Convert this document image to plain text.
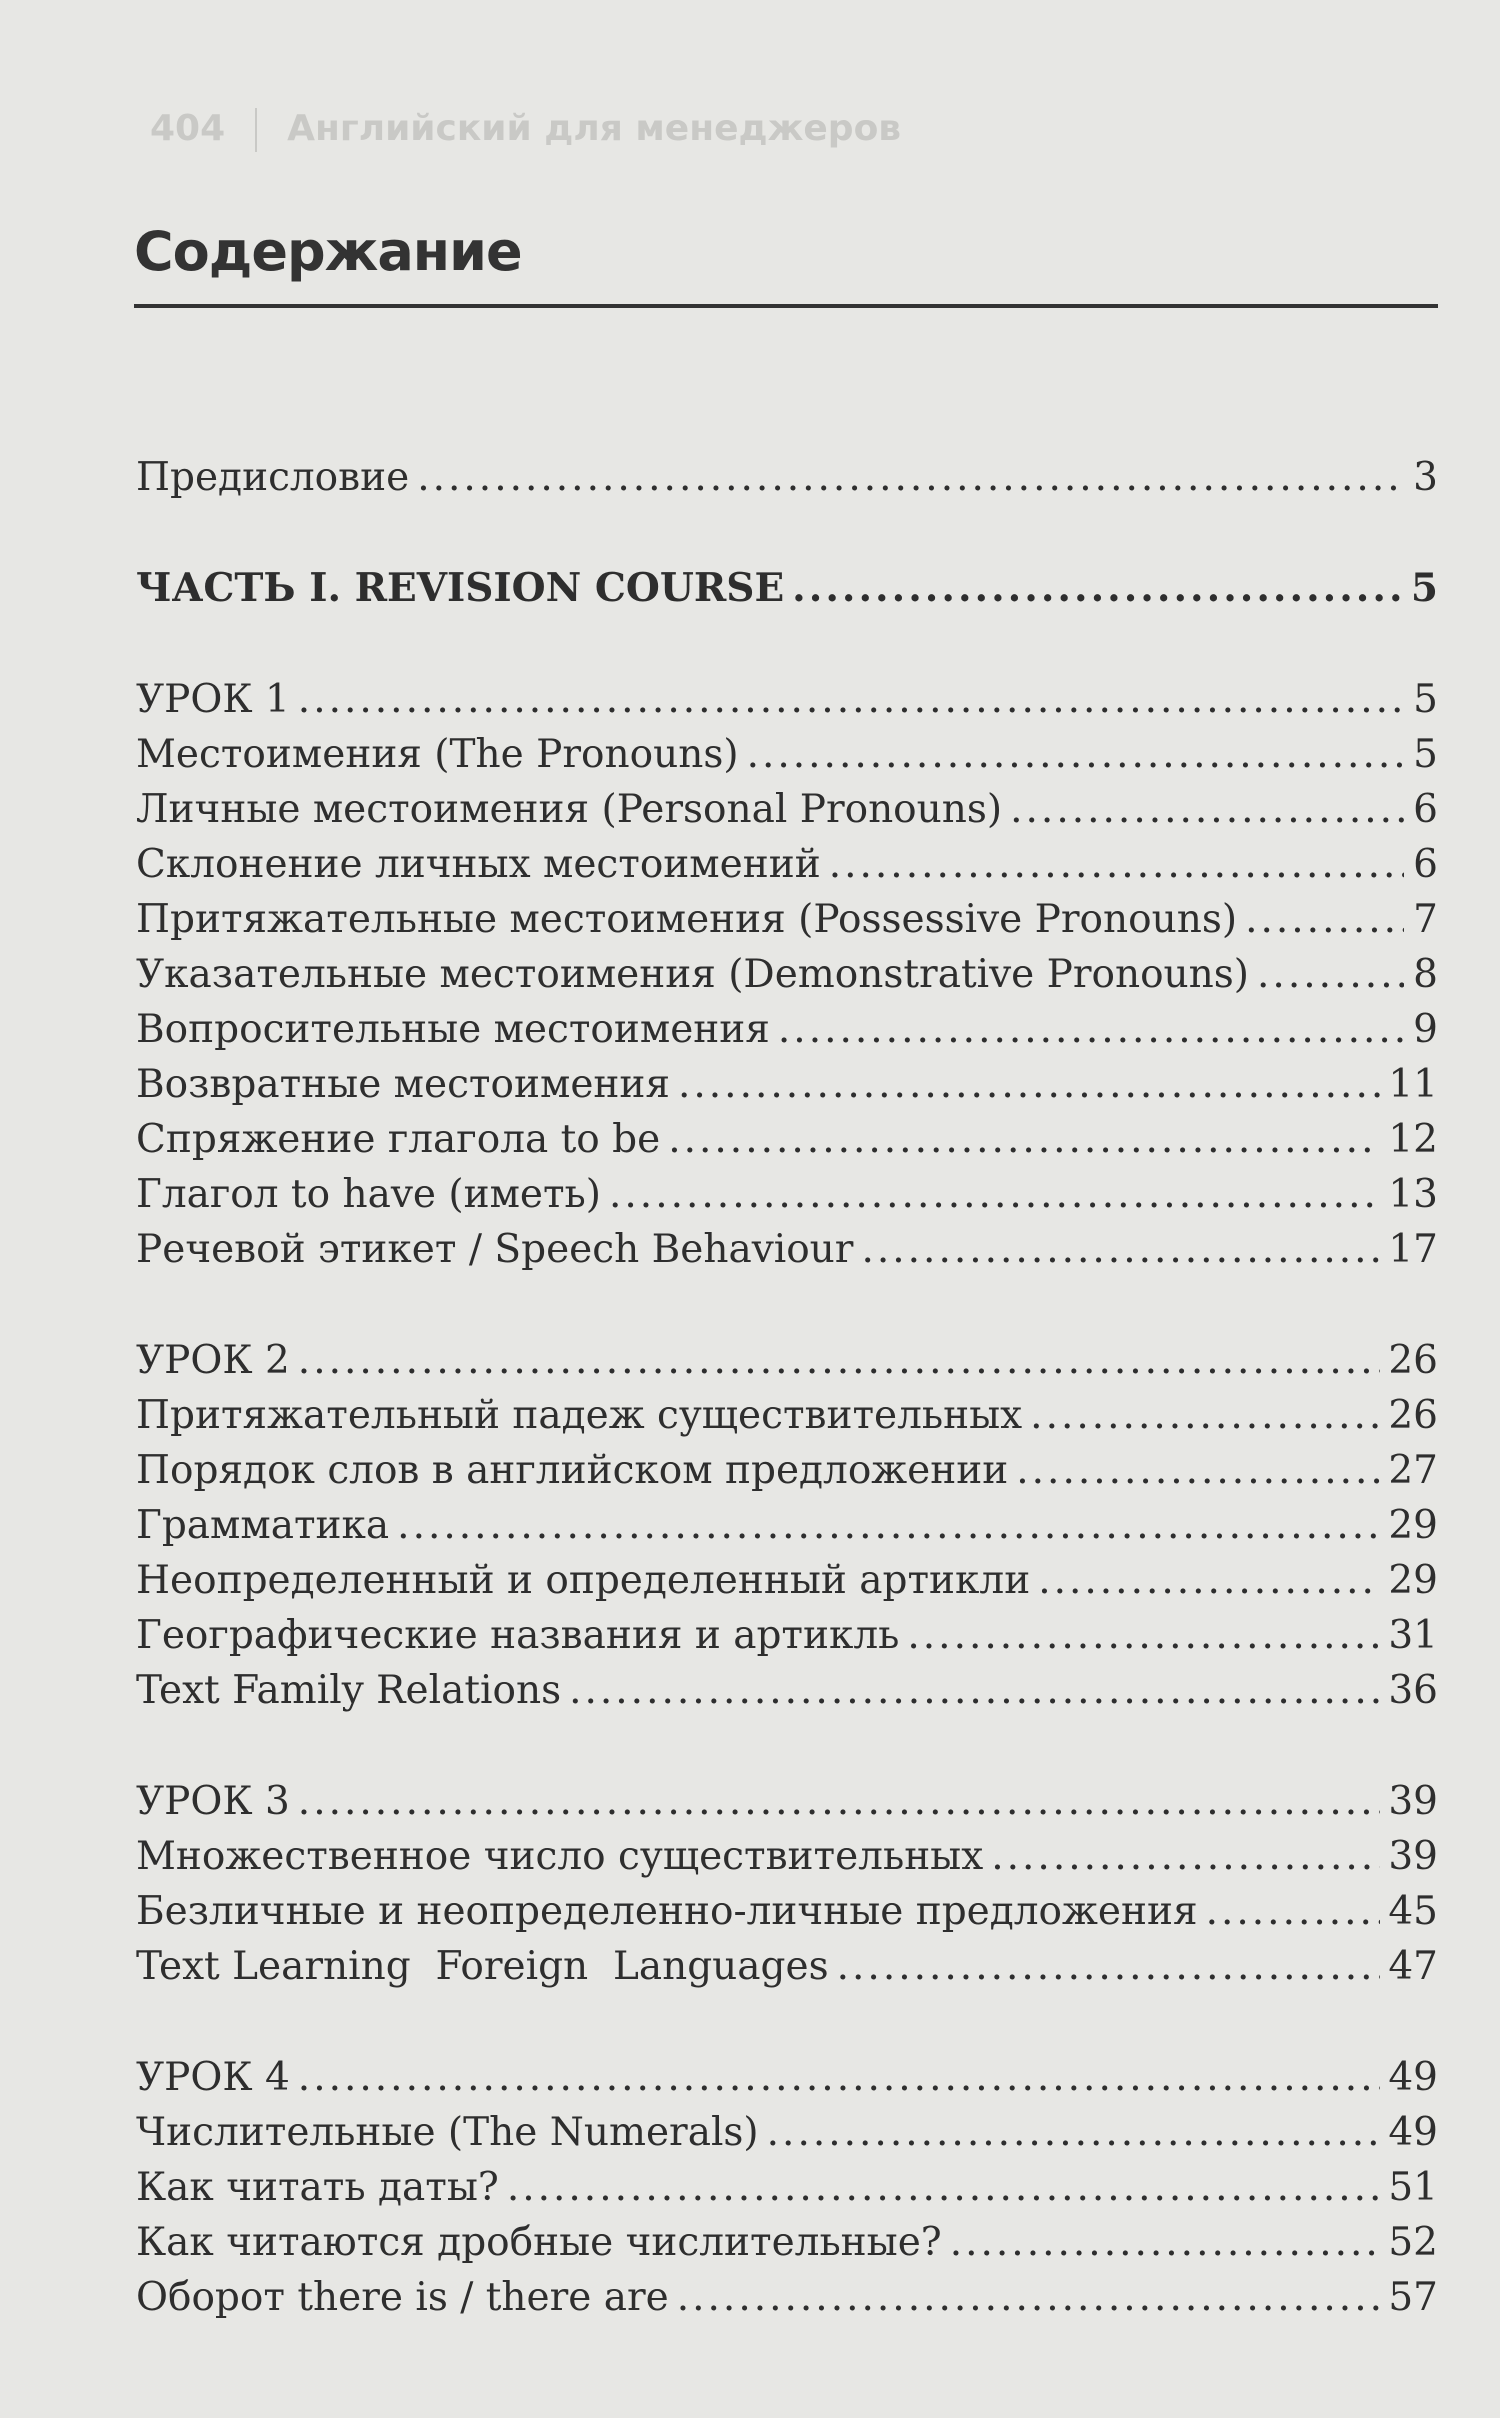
404 Английский для менеджеров
Содержание
Предисловие .....	3
ЧАСТЬ I. REVISION COURSE .....	5
УРОК 1 .....	5
Местоимения (The Pronouns) .....	5
Личные местоимения (Personal Pronouns) .....	6
Склонение личных местоимений .....	6
Притяжательные местоимения (Possessive Pronouns) .....	7
Указательные местоимения (Demonstrative Pronouns) .....	8
Вопросительные местоимения .....	9
Возвратные местоимения .....	11
Спряжение глагола to be .....	12
Глагол to have (иметь) .....	13
Речевой этикет / Speech Behaviour .....	17
УРОК 2 .....	26
Притяжательный падеж существительных .....	26
Порядок слов в английском предложении .....	27
Грамматика .....	29
Неопределенный и определенный артикли .....	29
Географические названия и артикль .....	31
Text Family Relations .....	36
УРОК 3 .....	39
Множественное число существительных .....	39
Безличные и неопределенно-личные предложения .....	45
Text Learning  Foreign  Languages .....	47
УРОК 4 .....	49
Числительные (The Numerals) .....	49
Как читать даты? .....	51
Как читаются дробные числительные? .....	52
Оборот there is / there are .....	57
